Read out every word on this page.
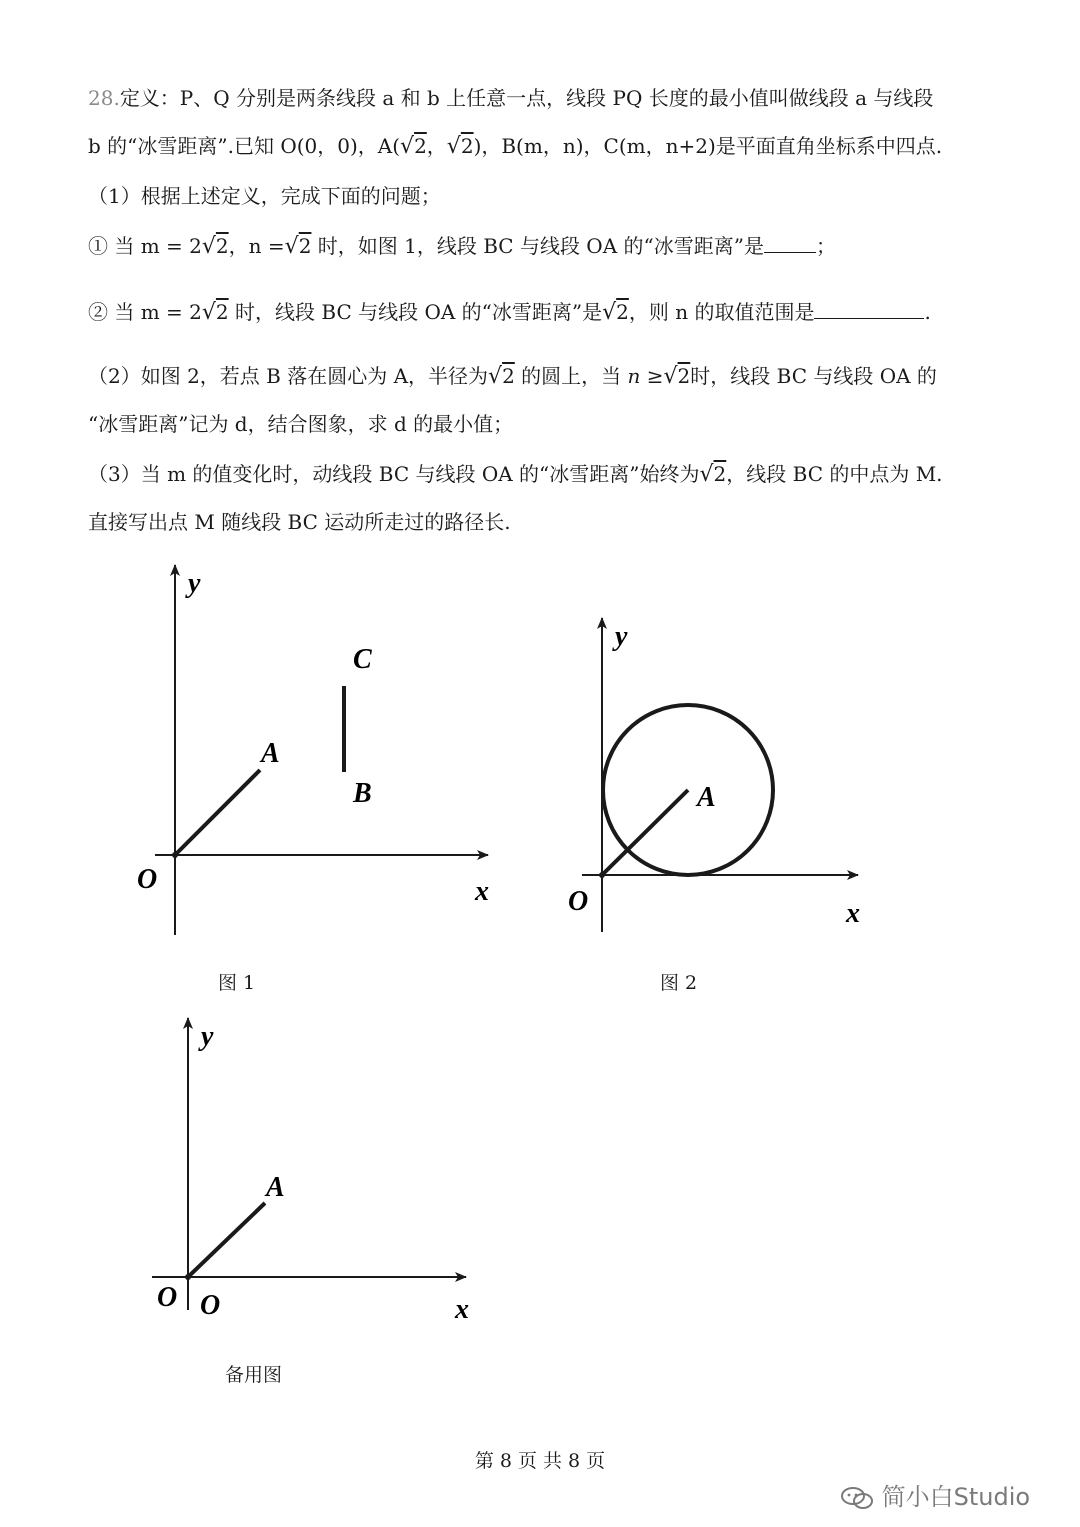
28.定义：P、Q 分别是两条线段 a 和 b 上任意一点，线段 PQ 长度的最小值叫做线段 a 与线段
b 的“冰雪距离”.已知 O(0，0)，A(√2，√2)，B(m，n)，C(m，n+2)是平面直角坐标系中四点.
（1）根据上述定义，完成下面的问题；
① 当 m = 2√2，n =√2 时，如图 1，线段 BC 与线段 OA 的“冰雪距离”是	；
② 当 m = 2√2 时，线段 BC 与线段 OA 的“冰雪距离”是√2，则 n 的取值范围是	.
（2）如图 2，若点 B 落在圆心为 A，半径为√2 的圆上，当 n ≥√2时，线段 BC 与线段 OA 的
“冰雪距离”记为 d，结合图象，求 d 的最小值；
（3）当 m 的值变化时，动线段 BC 与线段 OA 的“冰雪距离”始终为√2，线段 BC 的中点为 M.
直接写出点 M 随线段 BC 运动所走过的路径长.
y
x
O
A
B
C
y
x
O
A
y
x
O O
A
图 1	图 2
备用图
第 8 页 共 8 页
简小白Studio
